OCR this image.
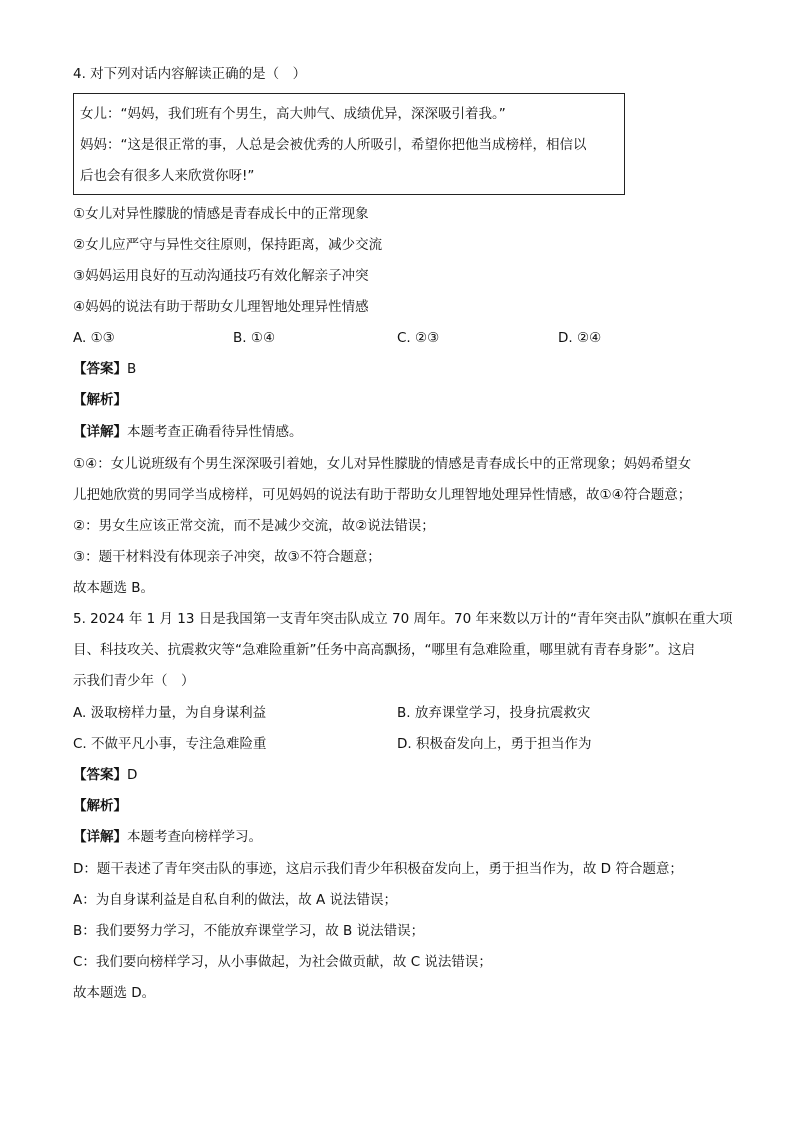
4. 对下列对话内容解读正确的是（　）
女儿：“妈妈，我们班有个男生，高大帅气、成绩优异，深深吸引着我。”
妈妈：“这是很正常的事，人总是会被优秀的人所吸引，希望你把他当成榜样，相信以
后也会有很多人来欣赏你呀!”
①女儿对异性朦胧的情感是青春成长中的正常现象
②女儿应严守与异性交往原则，保持距离，减少交流
③妈妈运用良好的互动沟通技巧有效化解亲子冲突
④妈妈的说法有助于帮助女儿理智地处理异性情感
A. ①③	B. ①④	C. ②③	D. ②④
【答案】B
【解析】
【详解】本题考查正确看待异性情感。
①④：女儿说班级有个男生深深吸引着她，女儿对异性朦胧的情感是青春成长中的正常现象；妈妈希望女
儿把她欣赏的男同学当成榜样，可见妈妈的说法有助于帮助女儿理智地处理异性情感，故①④符合题意；
②：男女生应该正常交流，而不是减少交流，故②说法错误；
③：题干材料没有体现亲子冲突，故③不符合题意；
故本题选 B。
5. 2024 年 1 月 13 日是我国第一支青年突击队成立 70 周年。70 年来数以万计的“青年突击队”旗帜在重大项
目、科技攻关、抗震救灾等“急难险重新”任务中高高飘扬，“哪里有急难险重，哪里就有青春身影”。这启
示我们青少年（　）
A. 汲取榜样力量，为自身谋利益	B. 放弃课堂学习，投身抗震救灾
C. 不做平凡小事，专注急难险重	D. 积极奋发向上，勇于担当作为
【答案】D
【解析】
【详解】本题考查向榜样学习。
D：题干表述了青年突击队的事迹，这启示我们青少年积极奋发向上，勇于担当作为，故 D 符合题意；
A：为自身谋利益是自私自利的做法，故 A 说法错误；
B：我们要努力学习，不能放弃课堂学习，故 B 说法错误；
C：我们要向榜样学习，从小事做起，为社会做贡献，故 C 说法错误；
故本题选 D。
